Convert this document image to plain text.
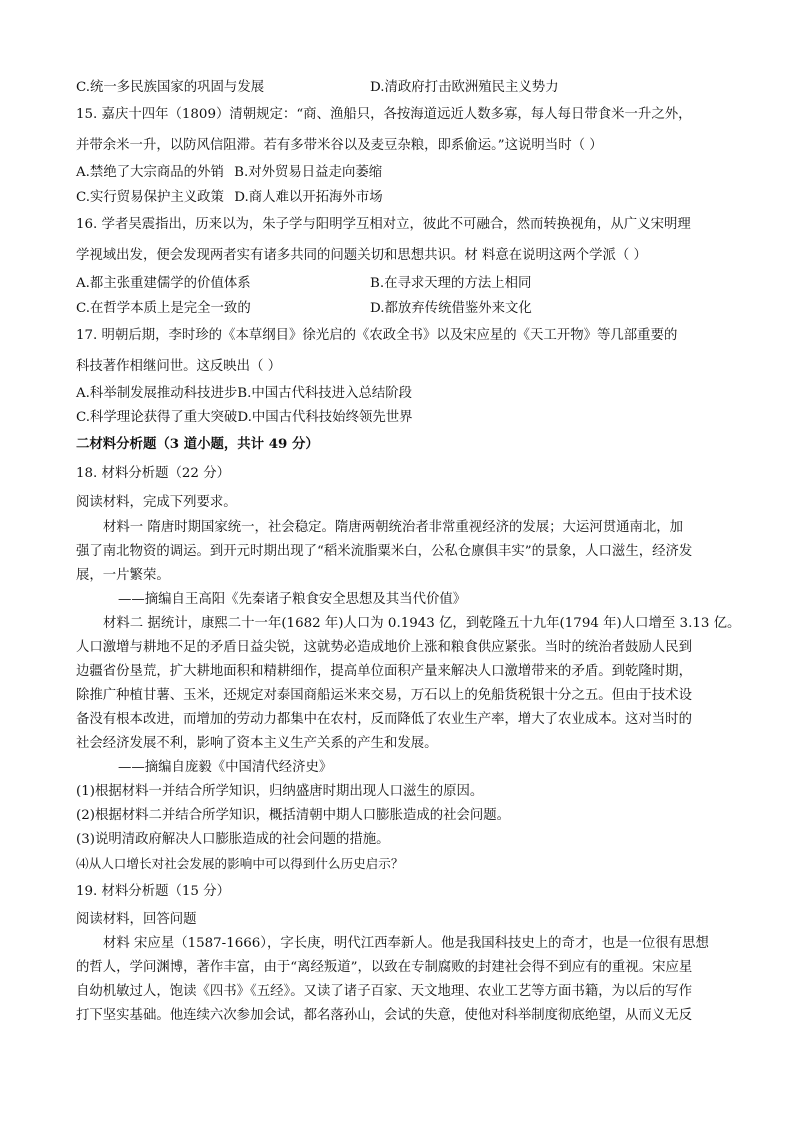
C.统一多民族国家的巩固与发展	D.清政府打击欧洲殖民主义势力
15. 嘉庆十四年（1809）清朝规定：“商、渔船只，各按海道远近人数多寡，每人每日带食米一升之外，
并带余米一升，以防风信阻滞。若有多带米谷以及麦豆杂粮，即系偷运。”这说明当时（ ）
A.禁绝了大宗商品的外销 B.对外贸易日益走向萎缩
C.实行贸易保护主义政策 D.商人难以开拓海外市场
16. 学者吴震指出，历来以为，朱子学与阳明学互相对立，彼此不可融合，然而转换视角，从广义宋明理
学视域出发，便会发现两者实有诸多共同的问题关切和思想共识。材 料意在说明这两个学派（ ）
A.都主张重建儒学的价值体系	B.在寻求天理的方法上相同
C.在哲学本质上是完全一致的	D.都放弃传统借鉴外来文化
17. 明朝后期，李时珍的《本草纲目》徐光启的《农政全书》以及宋应星的《天工开物》等几部重要的
科技著作相继问世。这反映出（ ）
A.科举制发展推动科技进步B.中国古代科技进入总结阶段
C.科学理论获得了重大突破D.中国古代科技始终领先世界
二材料分析题（3 道小题，共计 49 分）
18. 材料分析题（22 分）
阅读材料，完成下列要求。
材料一 隋唐时期国家统一，社会稳定。隋唐两朝统治者非常重视经济的发展；大运河贯通南北，加
强了南北物资的调运。到开元时期出现了“稻米流脂粟米白，公私仓廪俱丰实”的景象，人口滋生，经济发
展，一片繁荣。
——摘编自王高阳《先秦诸子粮食安全思想及其当代价值》
材料二 据统计，康熙二十一年(1682 年)人口为 0.1943 亿，到乾隆五十九年(1794 年)人口增至 3.13 亿。
人口激增与耕地不足的矛盾日益尖锐，这就势必造成地价上涨和粮食供应紧张。当时的统治者鼓励人民到
边疆省份垦荒，扩大耕地面积和精耕细作，提高单位面积产量来解决人口激增带来的矛盾。到乾隆时期，
除推广种植甘薯、玉米，还规定对泰国商船运米来交易，万石以上的免船货税银十分之五。但由于技术设
备没有根本改进，而增加的劳动力都集中在农村，反而降低了农业生产率，增大了农业成本。这对当时的
社会经济发展不利，影响了资本主义生产关系的产生和发展。
——摘编自庞毅《中国清代经济史》
(1)根据材料一并结合所学知识，归纳盛唐时期出现人口滋生的原因。
(2)根据材料二并结合所学知识，概括清朝中期人口膨胀造成的社会问题。
(3)说明清政府解决人口膨胀造成的社会问题的措施。
⑷从人口增长对社会发展的影响中可以得到什么历史启示？
19. 材料分析题（15 分）
阅读材料，回答问题
材料 宋应星（1587-1666），字长庚，明代江西奉新人。他是我国科技史上的奇才，也是一位很有思想
的哲人，学问渊博，著作丰富，由于“离经叛道”，以致在专制腐败的封建社会得不到应有的重视。宋应星
自幼机敏过人，饱读《四书》《五经》。又读了诸子百家、天文地理、农业工艺等方面书籍，为以后的写作
打下坚实基础。他连续六次参加会试，都名落孙山，会试的失意，使他对科举制度彻底绝望，从而义无反
